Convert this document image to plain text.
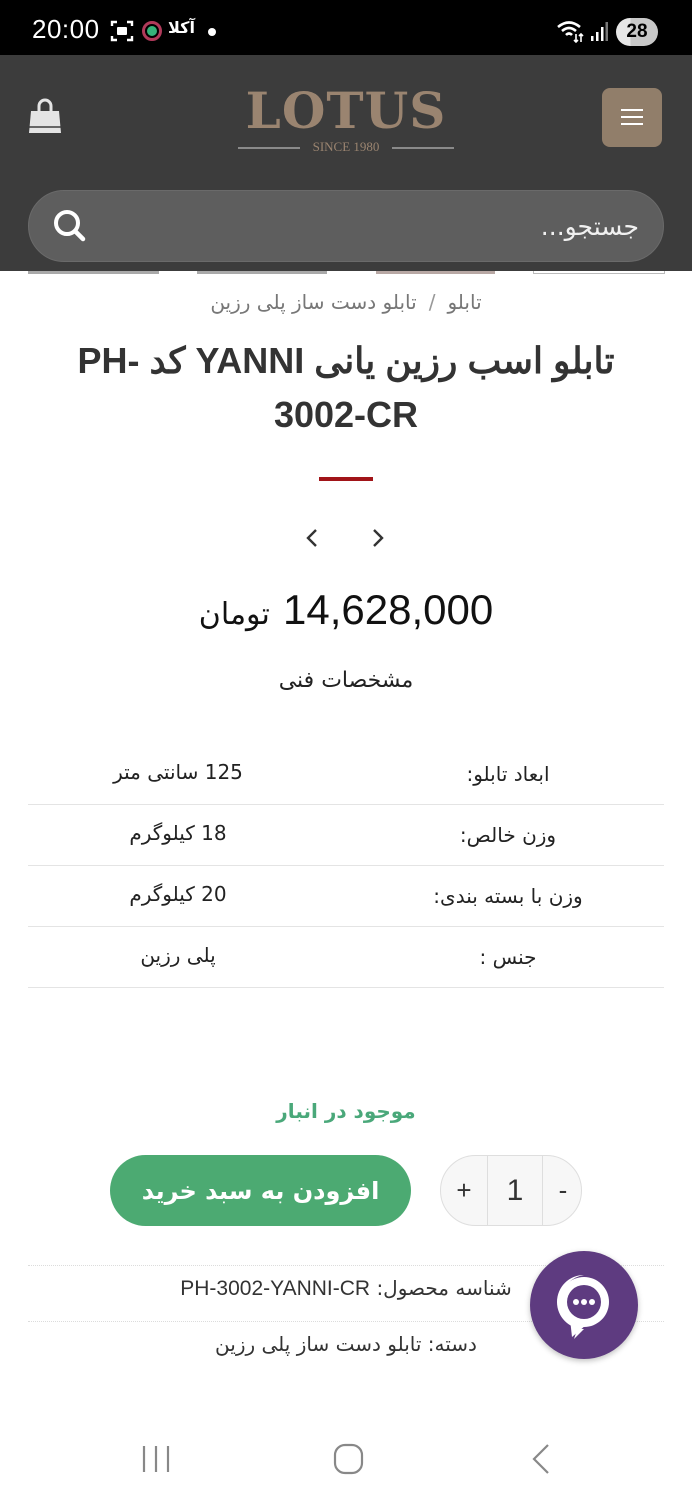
20:00	آکلا	28
LOTUS
SINCE 1980
جستجو...
تابلو/تابلو دست ساز پلی رزین
تابلو اسب رزین یانی YANNI کد PH-3002-CR
14,628,000 تومان
مشخصات فنی
ابعاد تابلو:
125 سانتی متر
وزن خالص:
18 کیلوگرم
وزن با بسته بندی:
20 کیلوگرم
جنس :
پلی رزین
موجود در انبار
افزودن به سبد خرید	+	1	-
شناسه محصول: PH-3002-YANNI-CR
دسته: تابلو دست ساز پلی رزین
